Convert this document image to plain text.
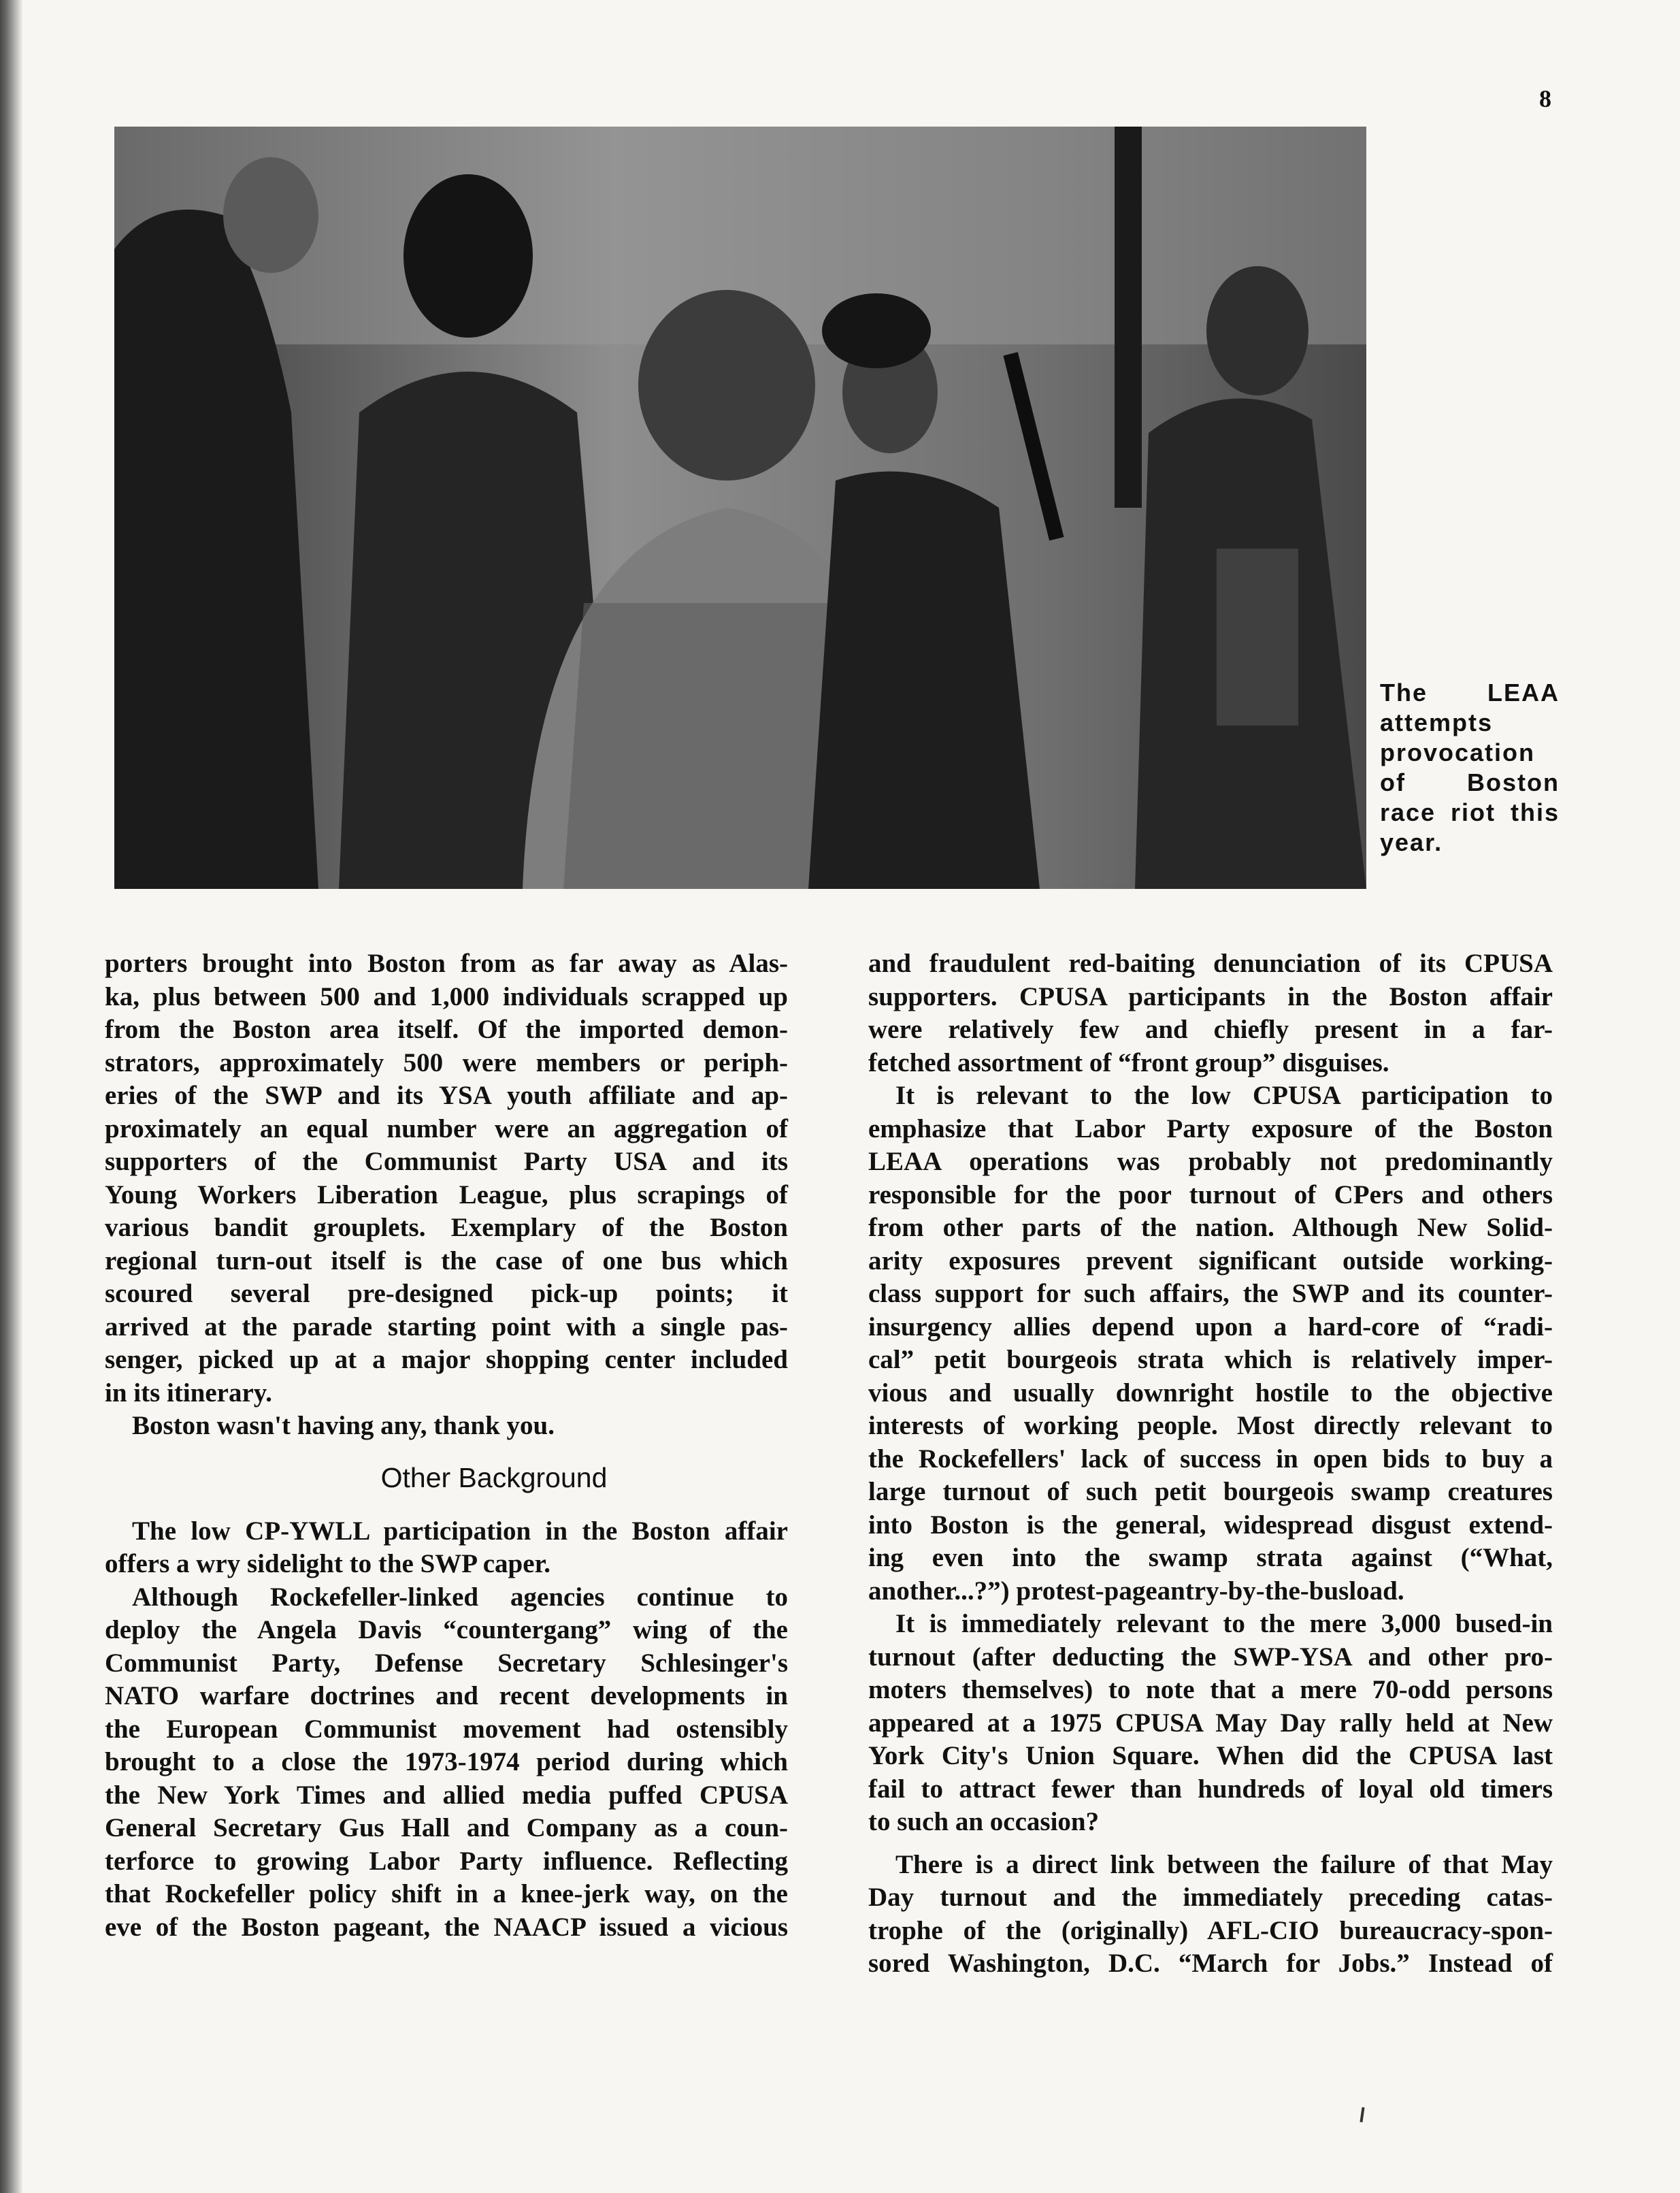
8
The LEAA
attempts
provocation
of Boston
race riot this
year.
porters brought into Boston from as far away as Alas-
ka, plus between 500 and 1,000 individuals scrapped up
from the Boston area itself. Of the imported demon-
strators, approximately 500 were members or periph-
eries of the SWP and its YSA youth affiliate and ap-
proximately an equal number were an aggregation of
supporters of the Communist Party USA and its
Young Workers Liberation League, plus scrapings of
various bandit grouplets. Exemplary of the Boston
regional turn-out itself is the case of one bus which
scoured several pre-designed pick-up points; it
arrived at the parade starting point with a single pas-
senger, picked up at a major shopping center included
in its itinerary.
Boston wasn't having any, thank you.
Other Background
The low CP-YWLL participation in the Boston affair
offers a wry sidelight to the SWP caper.
Although Rockefeller-linked agencies continue to
deploy the Angela Davis “countergang” wing of the
Communist Party, Defense Secretary Schlesinger's
NATO warfare doctrines and recent developments in
the European Communist movement had ostensibly
brought to a close the 1973-1974 period during which
the New York Times and allied media puffed CPUSA
General Secretary Gus Hall and Company as a coun-
terforce to growing Labor Party influence. Reflecting
that Rockefeller policy shift in a knee-jerk way, on the
eve of the Boston pageant, the NAACP issued a vicious
and fraudulent red-baiting denunciation of its CPUSA
supporters. CPUSA participants in the Boston affair
were relatively few and chiefly present in a far-
fetched assortment of “front group” disguises.
It is relevant to the low CPUSA participation to
emphasize that Labor Party exposure of the Boston
LEAA operations was probably not predominantly
responsible for the poor turnout of CPers and others
from other parts of the nation. Although New Solid-
arity exposures prevent significant outside working-
class support for such affairs, the SWP and its counter-
insurgency allies depend upon a hard-core of “radi-
cal” petit bourgeois strata which is relatively imper-
vious and usually downright hostile to the objective
interests of working people. Most directly relevant to
the Rockefellers' lack of success in open bids to buy a
large turnout of such petit bourgeois swamp creatures
into Boston is the general, widespread disgust extend-
ing even into the swamp strata against (“What,
another...?”) protest-pageantry-by-the-busload.
It is immediately relevant to the mere 3,000 bused-in
turnout (after deducting the SWP-YSA and other pro-
moters themselves) to note that a mere 70-odd persons
appeared at a 1975 CPUSA May Day rally held at New
York City's Union Square. When did the CPUSA last
fail to attract fewer than hundreds of loyal old timers
to such an occasion?
There is a direct link between the failure of that May
Day turnout and the immediately preceding catas-
trophe of the (originally) AFL-CIO bureaucracy-spon-
sored Washington, D.C. “March for Jobs.” Instead of
